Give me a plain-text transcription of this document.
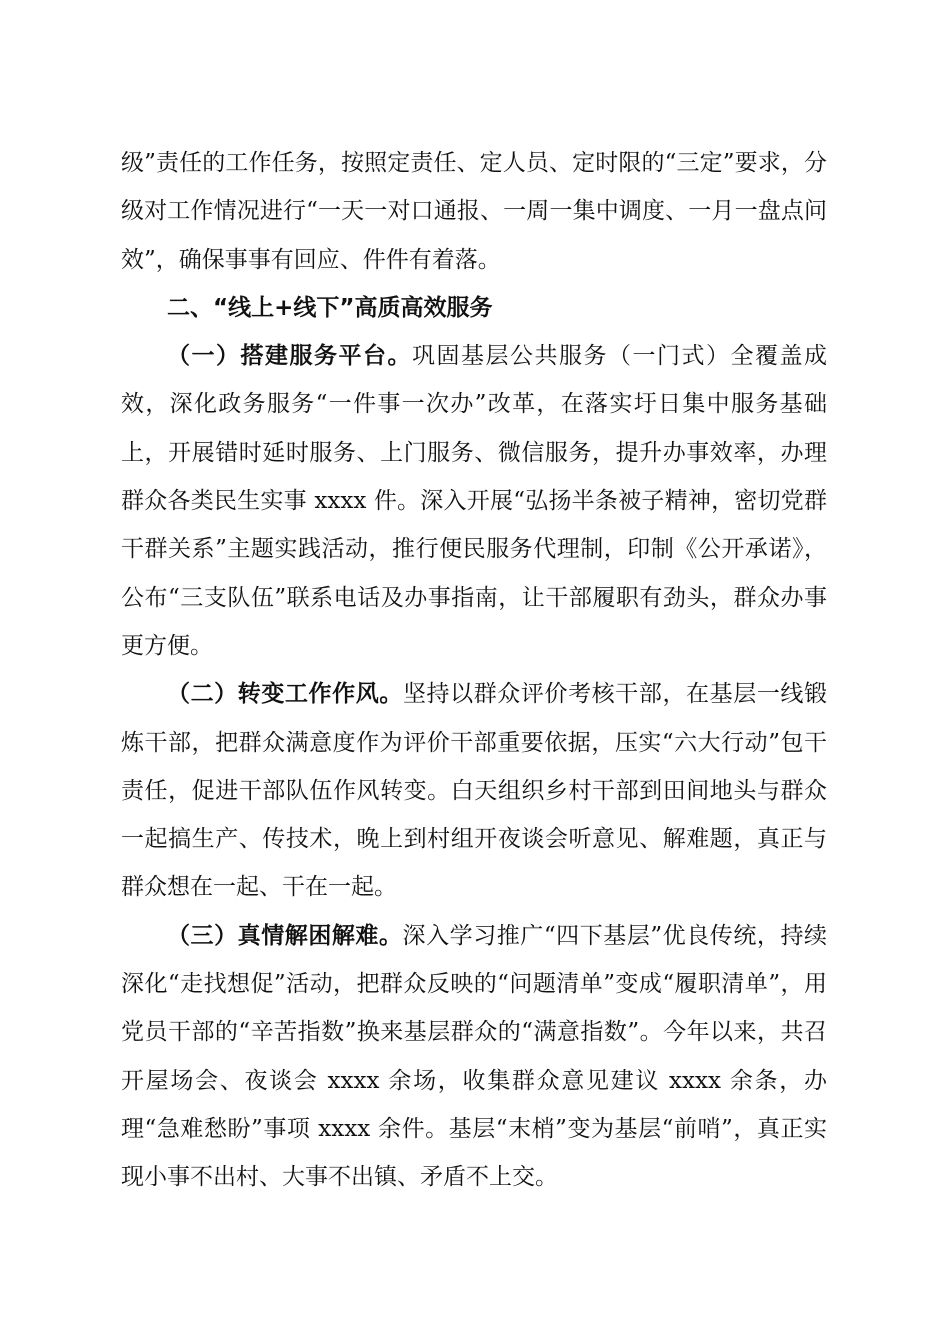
级”责任的工作任务，按照定责任、定人员、定时限的“三定”要求，分级对工作情况进行“一天一对口通报、一周一集中调度、一月一盘点问效”，确保事事有回应、件件有着落。

二、“线上+线下”高质高效服务

（一）搭建服务平台。巩固基层公共服务（一门式）全覆盖成效，深化政务服务“一件事一次办”改革，在落实圩日集中服务基础上，开展错时延时服务、上门服务、微信服务，提升办事效率，办理群众各类民生实事 xxxx 件。深入开展“弘扬半条被子精神，密切党群干群关系”主题实践活动，推行便民服务代理制，印制《公开承诺》，公布“三支队伍”联系电话及办事指南，让干部履职有劲头，群众办事更方便。

（二）转变工作作风。坚持以群众评价考核干部，在基层一线锻炼干部，把群众满意度作为评价干部重要依据，压实“六大行动”包干责任，促进干部队伍作风转变。白天组织乡村干部到田间地头与群众一起搞生产、传技术，晚上到村组开夜谈会听意见、解难题，真正与群众想在一起、干在一起。

（三）真情解困解难。深入学习推广“四下基层”优良传统，持续深化“走找想促”活动，把群众反映的“问题清单”变成“履职清单”，用党员干部的“辛苦指数”换来基层群众的“满意指数”。今年以来，共召开屋场会、夜谈会 xxxx 余场，收集群众意见建议 xxxx 余条，办理“急难愁盼”事项 xxxx 余件。基层“末梢”变为基层“前哨”，真正实现小事不出村、大事不出镇、矛盾不上交。
